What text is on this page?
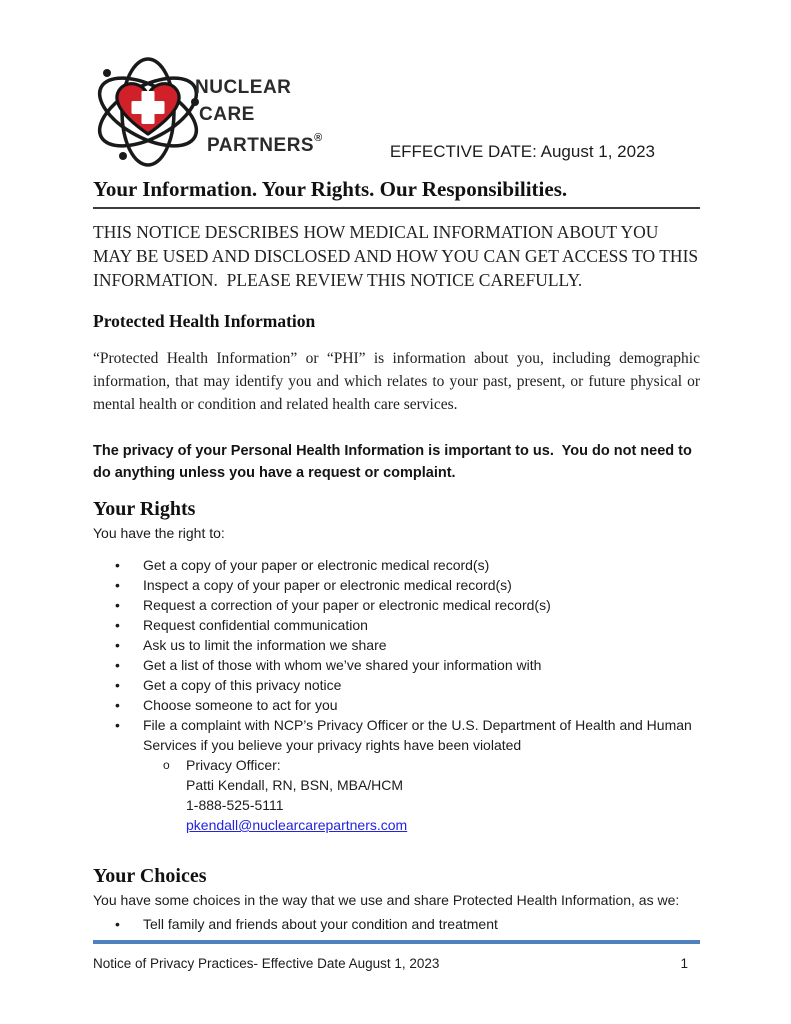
nuclear
care
partners®
EFFECTIVE DATE: August 1, 2023
Your Information. Your Rights. Our Responsibilities.

THIS NOTICE DESCRIBES HOW MEDICAL INFORMATION ABOUT YOU MAY BE USED AND DISCLOSED AND HOW YOU CAN GET ACCESS TO THIS INFORMATION.  PLEASE REVIEW THIS NOTICE CAREFULLY.

Protected Health Information

“Protected Health Information” or “PHI” is information about you, including demographic information, that may identify you and which relates to your past, present, or future physical or mental health or condition and related health care services.

The privacy of your Personal Health Information is important to us.  You do not need to do anything unless you have a request or complaint.

Your Rights

You have the right to:

•	Get a copy of your paper or electronic medical record(s)
•	Inspect a copy of your paper or electronic medical record(s)
•	Request a correction of your paper or electronic medical record(s)
•	Request confidential communication
•	Ask us to limit the information we share
•	Get a list of those with whom we’ve shared your information with
•	Get a copy of this privacy notice
•	Choose someone to act for you
•	File a complaint with NCP’s Privacy Officer or the U.S. Department of Health and Human Services if you believe your privacy rights have been violated
o	Privacy Officer:
Patti Kendall, RN, BSN, MBA/HCM
1-888-525-5111
pkendall@nuclearcarepartners.com
Your Choices

You have some choices in the way that we use and share Protected Health Information, as we:

•	Tell family and friends about your condition and treatment
Notice of Privacy Practices- Effective Date August 1, 2023	1
